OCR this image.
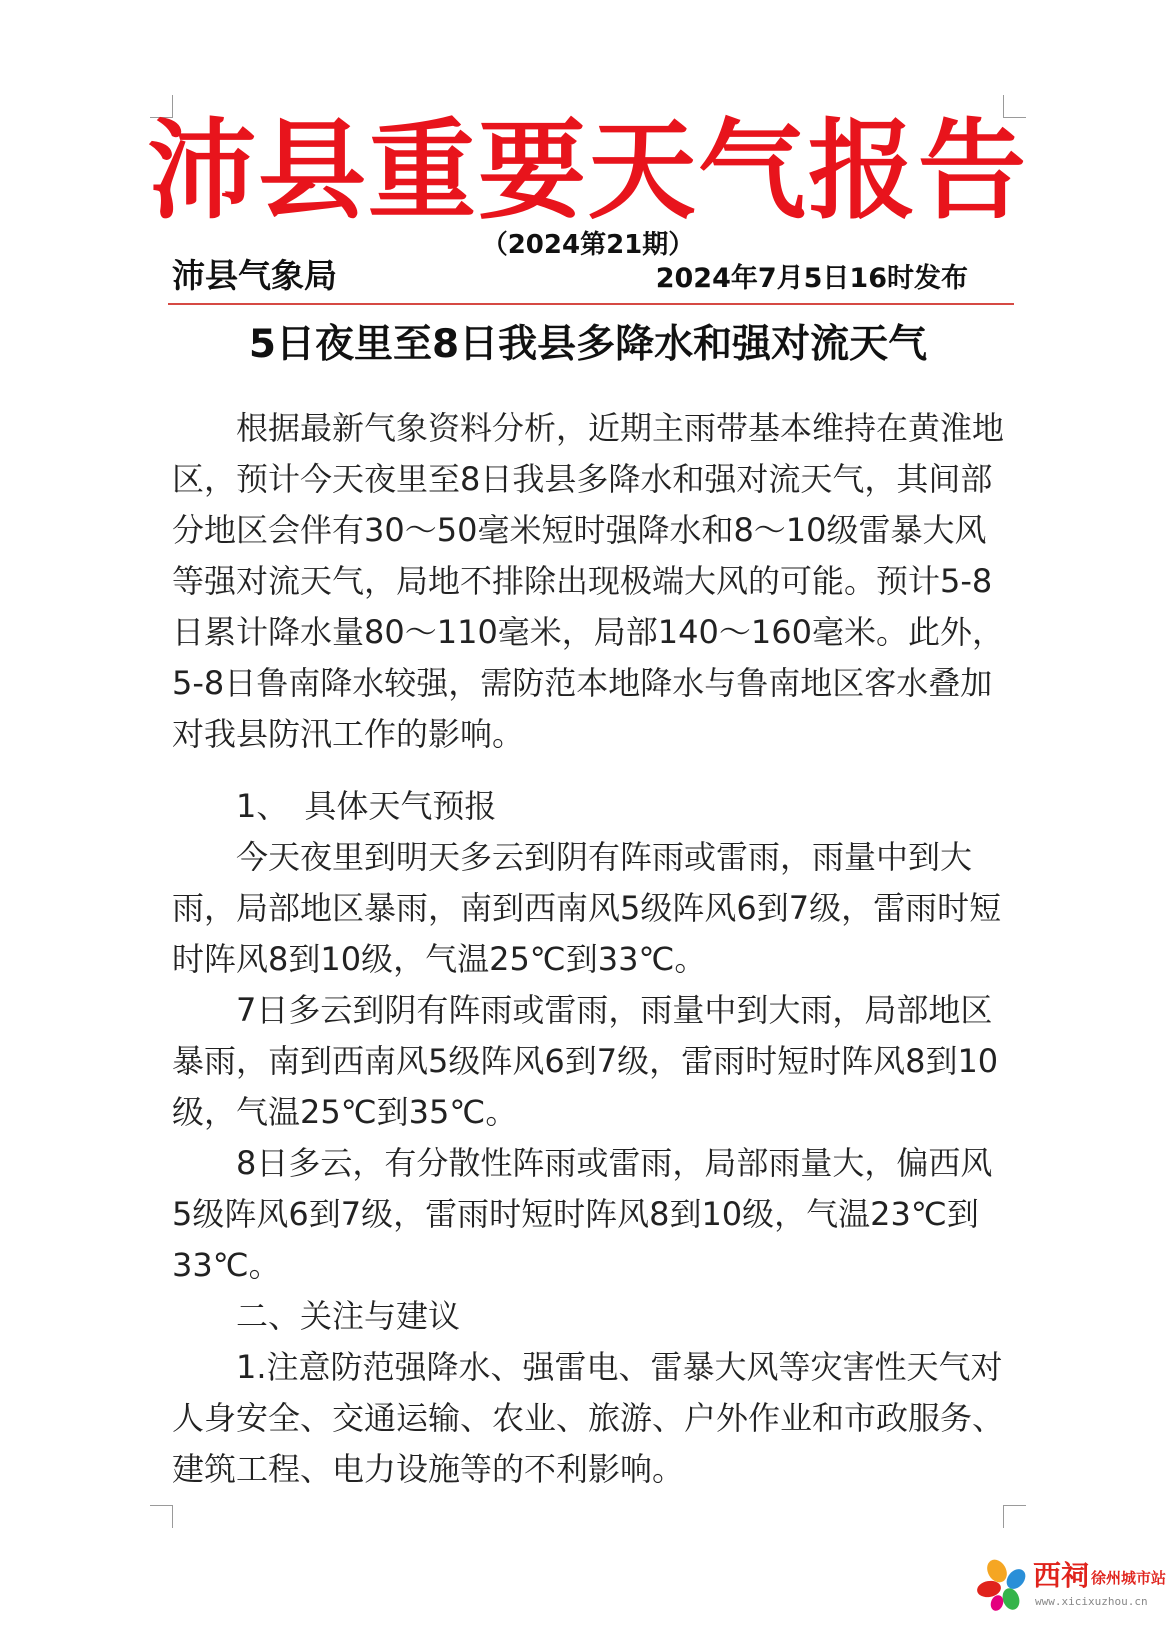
沛县重要天气报告
（2024第21期）
沛县气象局	2024年7月5日16时发布
5日夜里至8日我县多降水和强对流天气

根据最新气象资料分析，近期主雨带基本维持在黄淮地区，预计今天夜里至8日我县多降水和强对流天气，其间部分地区会伴有30～50毫米短时强降水和8～10级雷暴大风等强对流天气，局地不排除出现极端大风的可能。预计5-8日累计降水量80～110毫米，局部140～160毫米。此外，5-8日鲁南降水较强，需防范本地降水与鲁南地区客水叠加对我县防汛工作的影响。

1、　具体天气预报

今天夜里到明天多云到阴有阵雨或雷雨，雨量中到大雨，局部地区暴雨，南到西南风5级阵风6到7级，雷雨时短时阵风8到10级，气温25℃到33℃。

7日多云到阴有阵雨或雷雨，雨量中到大雨，局部地区暴雨，南到西南风5级阵风6到7级，雷雨时短时阵风8到10级，气温25℃到35℃。

8日多云，有分散性阵雨或雷雨，局部雨量大，偏西风5级阵风6到7级，雷雨时短时阵风8到10级，气温23℃到33℃。

二、关注与建议

1.注意防范强降水、强雷电、雷暴大风等灾害性天气对人身安全、交通运输、农业、旅游、户外作业和市政服务、建筑工程、电力设施等的不利影响。

西祠 徐州城市站
www.xicixuzhou.cn
